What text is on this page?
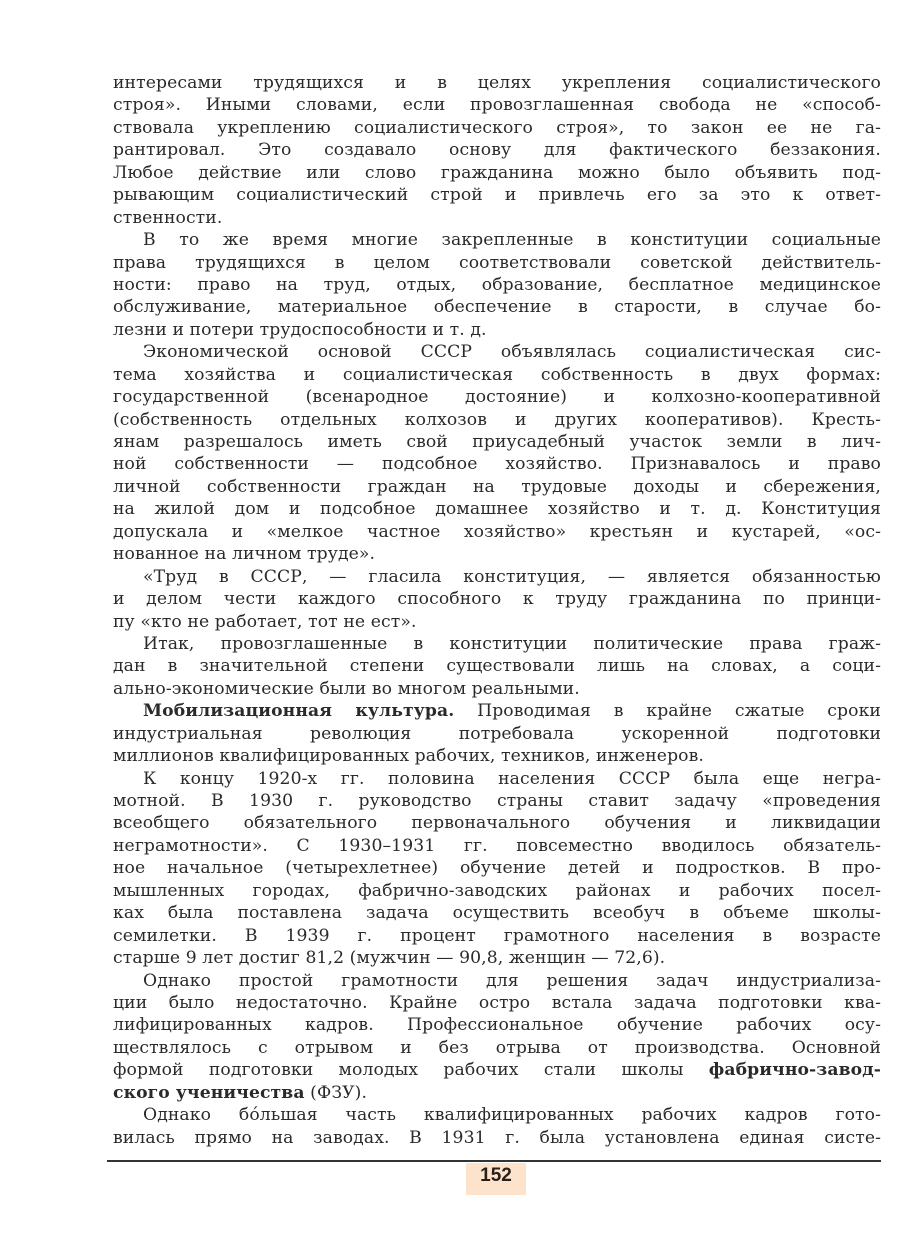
интересами трудящихся и в целях укрепления социалистического
строя». Иными словами, если провозглашенная свобода не «способ-
ствовала укреплению социалистического строя», то закон ее не га-
рантировал. Это создавало основу для фактического беззакония.
Любое действие или слово гражданина можно было объявить под-
рывающим социалистический строй и привлечь его за это к ответ-
ственности.
В то же время многие закрепленные в конституции социальные
права трудящихся в целом соответствовали советской действитель-
ности: право на труд, отдых, образование, бесплатное медицинское
обслуживание, материальное обеспечение в старости, в случае бо-
лезни и потери трудоспособности и т. д.
Экономической основой СССР объявлялась социалистическая сис-
тема хозяйства и социалистическая собственность в двух формах:
государственной (всенародное достояние) и колхозно-кооперативной
(собственность отдельных колхозов и других кооперативов). Кресть-
янам разрешалось иметь свой приусадебный участок земли в лич-
ной собственности — подсобное хозяйство. Признавалось и право
личной собственности граждан на трудовые доходы и сбережения,
на жилой дом и подсобное домашнее хозяйство и т. д. Конституция
допускала и «мелкое частное хозяйство» крестьян и кустарей, «ос-
нованное на личном труде».
«Труд в СССР, — гласила конституция, — является обязанностью
и делом чести каждого способного к труду гражданина по принци-
пу «кто не работает, тот не ест».
Итак, провозглашенные в конституции политические права граж-
дан в значительной степени существовали лишь на словах, а соци-
ально-экономические были во многом реальными.
Мобилизационная культура. Проводимая в крайне сжатые сроки
индустриальная революция потребовала ускоренной подготовки
миллионов квалифицированных рабочих, техников, инженеров.
К концу 1920-х гг. половина населения СССР была еще негра-
мотной. В 1930 г. руководство страны ставит задачу «проведения
всеобщего обязательного первоначального обучения и ликвидации
неграмотности». С 1930–1931 гг. повсеместно вводилось обязатель-
ное начальное (четырехлетнее) обучение детей и подростков. В про-
мышленных городах, фабрично-заводских районах и рабочих посел-
ках была поставлена задача осуществить всеобуч в объеме школы-
семилетки. В 1939 г. процент грамотного населения в возрасте
старше 9 лет достиг 81,2 (мужчин — 90,8, женщин — 72,6).
Однако простой грамотности для решения задач индустриализа-
ции было недостаточно. Крайне остро встала задача подготовки ква-
лифицированных кадров. Профессиональное обучение рабочих осу-
ществлялось с отрывом и без отрыва от производства. Основной
формой подготовки молодых рабочих стали школы фабрично-завод-
ского ученичества (ФЗУ).
Однако бóльшая часть квалифицированных рабочих кадров гото-
вилась прямо на заводах. В 1931 г. была установлена единая систе-
152
